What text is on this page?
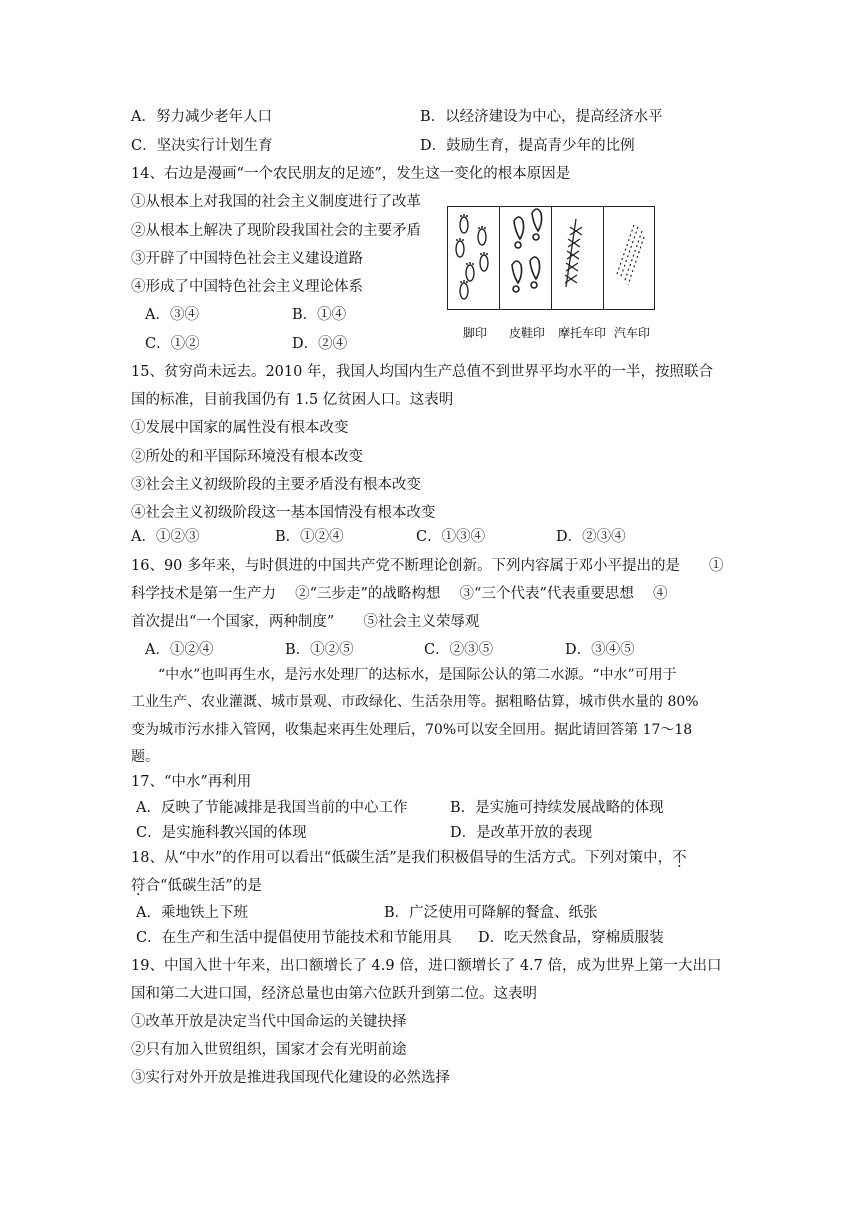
A．努力减少老年人口	B．以经济建设为中心，提高经济水平
C．坚决实行计划生育	D．鼓励生育，提高青少年的比例
14、右边是漫画“一个农民朋友的足迹”，发生这一变化的根本原因是
①从根本上对我国的社会主义制度进行了改革
②从根本上解决了现阶段我国社会的主要矛盾
③开辟了中国特色社会主义建设道路
④形成了中国特色社会主义理论体系
A．③④	B．①④
C．①②	D．②④
脚印 皮鞋印 摩托车印 汽车印
15、贫穷尚未远去。2010 年，我国人均国内生产总值不到世界平均水平的一半，按照联合
国的标准，目前我国仍有 1.5 亿贫困人口。这表明
①发展中国家的属性没有根本改变
②所处的和平国际环境没有根本改变
③社会主义初级阶段的主要矛盾没有根本改变
④社会主义初级阶段这一基本国情没有根本改变
A．①②③	B．①②④	C．①③④	D．②③④
16、90 多年来，与时俱进的中国共产党不断理论创新。下列内容属于邓小平提出的是　　①
科学技术是第一生产力　 ②“三步走”的战略构想　 ③“三个代表”代表重要思想　 ④
首次提出“一个国家，两种制度”　　⑤社会主义荣辱观
A．①②④	B．①②⑤	C．②③⑤	D．③④⑤
“中水”也叫再生水，是污水处理厂的达标水，是国际公认的第二水源。“中水”可用于
工业生产、农业灌溉、城市景观、市政绿化、生活杂用等。据粗略估算，城市供水量的 80%
变为城市污水排入管网，收集起来再生处理后，70%可以安全回用。据此请回答第 17～18
题。
17、“中水”再利用
A．反映了节能减排是我国当前的中心工作	B．是实施可持续发展战略的体现
C．是实施科教兴国的体现	D．是改革开放的表现
18、从“中水”的作用可以看出“低碳生活”是我们积极倡导的生活方式。下列对策中，不
符合“低碳生活”的是
A．乘地铁上下班	B．广泛使用可降解的餐盒、纸张
C．在生产和生活中提倡使用节能技术和节能用具 D．吃天然食品，穿棉质服装
19、中国入世十年来，出口额增长了 4.9 倍，进口额增长了 4.7 倍，成为世界上第一大出口
国和第二大进口国，经济总量也由第六位跃升到第二位。这表明
①改革开放是决定当代中国命运的关键抉择
②只有加入世贸组织，国家才会有光明前途
③实行对外开放是推进我国现代化建设的必然选择
